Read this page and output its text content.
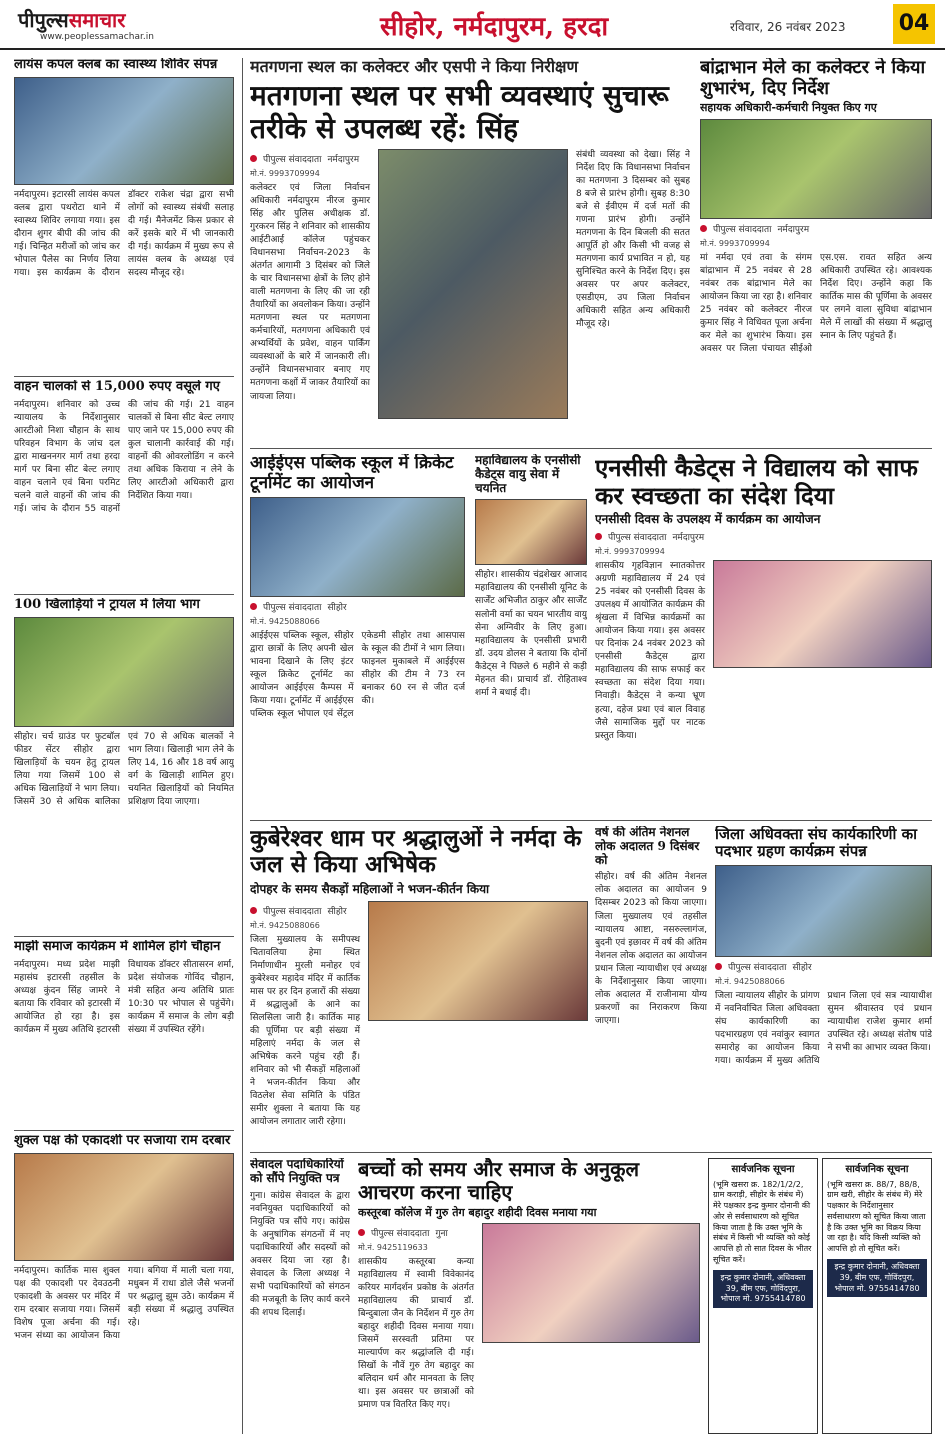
पीपुल्ससमाचार
www.peoplessamachar.in	सीहोर, नर्मदापुरम, हरदा	रविवार, 26 नवंबर 2023 04
लायंस कपल क्लब का स्वास्थ्य शिविर संपन्न
नर्मदापुरम। इटारसी लायंस कपल क्लब द्वारा पथरोटा थाने में स्वास्थ्य शिविर लगाया गया। इस दौरान शुगर बीपी की जांच की गई। चिन्हित मरीजों को जांच कर भोपाल पैलेस का निर्णय लिया गया। इस कार्यक्रम के दौरान डॉक्टर राकेश चंद्रा द्वारा सभी लोगों को स्वास्थ्य संबंधी सलाह दी गई। मैनेजमेंट किस प्रकार से करें इसके बारे में भी जानकारी दी गई। कार्यक्रम में मुख्य रूप से लायंस क्लब के अध्यक्ष एवं सदस्य मौजूद रहे।
वाहन चालकों से 15,000 रुपए वसूले गए
नर्मदापुरम। शनिवार को उच्च न्यायालय के निर्देशानुसार आरटीओ निशा चौहान के साथ परिवहन विभाग के जांच दल द्वारा माखननगर मार्ग तथा हरदा मार्ग पर बिना सीट बेल्ट लगाए वाहन चलाने एवं बिना परमिट चलने वाले वाहनों की जांच की गई। जांच के दौरान 55 वाहनों की जांच की गई। 21 वाहन चालकों से बिना सीट बेल्ट लगाए पाए जाने पर 15,000 रुपए की कुल चालानी कार्रवाई की गई। वाहनों की ओवरलोडिंग न करने तथा अधिक किराया न लेने के लिए आरटीओ अधिकारी द्वारा निर्देशित किया गया।
100 खिलाड़ियों ने ट्रायल में लिया भाग
सीहोर। चर्च ग्राउंड पर फुटबॉल फीडर सेंटर सीहोर द्वारा खिलाड़ियों के चयन हेतु ट्रायल लिया गया जिसमें 100 से अधिक खिलाड़ियों ने भाग लिया। जिसमें 30 से अधिक बालिका एवं 70 से अधिक बालकों ने भाग लिया। खिलाड़ी भाग लेने के लिए 14, 16 और 18 वर्ष आयु वर्ग के खिलाड़ी शामिल हुए। चयनित खिलाड़ियों को नियमित प्रशिक्षण दिया जाएगा।
माझी समाज कार्यक्रम में शामिल होंगे चौहान
नर्मदापुरम। मध्य प्रदेश माझी महासंघ इटारसी तहसील के अध्यक्ष कुंदन सिंह जामरे ने बताया कि रविवार को इटारसी में आयोजित हो रहा है। इस कार्यक्रम में मुख्य अतिथि इटारसी विधायक डॉक्टर सीतासरन शर्मा, प्रदेश संयोजक गोविंद चौहान, मंत्री सहित अन्य अतिथि प्रातः 10:30 पर भोपाल से पहुंचेंगे। कार्यक्रम में समाज के लोग बड़ी संख्या में उपस्थित रहेंगे।
शुक्ल पक्ष की एकादशी पर सजाया राम दरबार
नर्मदापुरम। कार्तिक मास शुक्ल पक्ष की एकादशी पर देवउठनी एकादशी के अवसर पर मंदिर में राम दरबार सजाया गया। जिसमें विशेष पूजा अर्चना की गई। भजन संध्या का आयोजन किया गया। बगिया में माली चला गया, मधुबन में राधा डोले जैसे भजनों पर श्रद्धालु झूम उठे। कार्यक्रम में बड़ी संख्या में श्रद्धालु उपस्थित रहे।
मतगणना स्थल का कलेक्टर और एसपी ने किया निरीक्षण
मतगणना स्थल पर सभी व्यवस्थाएं सुचारू तरीके से उपलब्ध रहें: सिंह
पीपुल्स संवाददाता नर्मदापुरम
मो.नं. 9993709994
कलेक्टर एवं जिला निर्वाचन अधिकारी नर्मदापुरम नीरज कुमार सिंह और पुलिस अधीक्षक डॉ. गुरकरन सिंह ने शनिवार को शासकीय आईटीआई कॉलेज पहुंचकर विधानसभा निर्वाचन-2023 के अंतर्गत आगामी 3 दिसंबर को जिले के चार विधानसभा क्षेत्रों के लिए होने वाली मतगणना के लिए की जा रही तैयारियों का अवलोकन किया। उन्होंने मतगणना स्थल पर मतगणना कर्मचारियों, मतगणना अधिकारी एवं अभ्यर्थियों के प्रवेश, वाहन पार्किंग व्यवस्थाओं के बारे में जानकारी ली। उन्होंने विधानसभावार बनाए गए मतगणना कक्षों में जाकर तैयारियों का जायजा लिया।
संबंधी व्यवस्था को देखा। सिंह ने निर्देश दिए कि विधानसभा निर्वाचन का मतगणना 3 दिसम्बर को सुबह 8 बजे से प्रारंभ होगी। सुबह 8:30 बजे से ईवीएम में दर्ज मतों की गणना प्रारंभ होगी। उन्होंने मतगणना के दिन बिजली की सतत आपूर्ति हो और किसी भी वजह से मतगणना कार्य प्रभावित न हो, यह सुनिश्चित करने के निर्देश दिए। इस अवसर पर अपर कलेक्टर, एसडीएम, उप जिला निर्वाचन अधिकारी सहित अन्य अधिकारी मौजूद रहे।
बांद्राभान मेले का कलेक्टर ने किया शुभारंभ, दिए निर्देश
सहायक अधिकारी-कर्मचारी नियुक्त किए गए
पीपुल्स संवाददाता नर्मदापुरम
मो.नं. 9993709994
मां नर्मदा एवं तवा के संगम बांद्राभान में 25 नवंबर से 28 नवंबर तक बांद्राभान मेले का आयोजन किया जा रहा है। शनिवार 25 नवंबर को कलेक्टर नीरज कुमार सिंह ने विधिवत पूजा अर्चना कर मेले का शुभारंभ किया। इस अवसर पर जिला पंचायत सीईओ एस.एस. रावत सहित अन्य अधिकारी उपस्थित रहे। आवश्यक निर्देश दिए। उन्होंने कहा कि कार्तिक मास की पूर्णिमा के अवसर पर लगने वाला सुविधा बांद्राभान मेले में लाखों की संख्या में श्रद्धालु स्नान के लिए पहुंचते हैं।
आईईएस पब्लिक स्कूल में क्रिकेट टूर्नामेंट का आयोजन
पीपुल्स संवाददाता सीहोर
मो.नं. 9425088066
आईईएस पब्लिक स्कूल, सीहोर द्वारा छात्रों के लिए अपनी खेल भावना दिखाने के लिए इंटर स्कूल क्रिकेट टूर्नामेंट का आयोजन आईईएस कैम्पस में किया गया। टूर्नामेंट में आईईएस पब्लिक स्कूल भोपाल एवं सेंट्रल एकेडमी सीहोर तथा आसपास के स्कूल की टीमों ने भाग लिया। फाइनल मुकाबले में आईईएस सीहोर की टीम ने 73 रन बनाकर 60 रन से जीत दर्ज की।
महाविद्यालय के एनसीसी कैडेट्स वायु सेवा में चयनित
सीहोर। शासकीय चंद्रशेखर आजाद महाविद्यालय की एनसीसी यूनिट के सार्जेंट अभिजीत ठाकुर और सार्जेंट सलोनी वर्मा का चयन भारतीय वायु सेना अग्निवीर के लिए हुआ। महाविद्यालय के एनसीसी प्रभारी डॉ. उदय डोलस ने बताया कि दोनों कैडेट्स ने पिछले 6 महीने से कड़ी मेहनत की। प्राचार्य डॉ. रोहिताश्व शर्मा ने बधाई दी।
एनसीसी कैडेट्स ने विद्यालय को साफ कर स्वच्छता का संदेश दिया
एनसीसी दिवस के उपलक्ष्य में कार्यक्रम का आयोजन
पीपुल्स संवाददाता नर्मदापुरम
मो.नं. 9993709994
शासकीय गृहविज्ञान स्नातकोत्तर अग्रणी महाविद्यालय में 24 एवं 25 नवंबर को एनसीसी दिवस के उपलक्ष्य में आयोजित कार्यक्रम की श्रृंखला में विभिन्न कार्यक्रमों का आयोजन किया गया। इस अवसर पर दिनांक 24 नवंबर 2023 को एनसीसी कैडेट्स द्वारा महाविद्यालय की साफ सफाई कर स्वच्छता का संदेश दिया गया। निवाड़ी। कैडेट्स ने कन्या भ्रूण हत्या, दहेज प्रथा एवं बाल विवाह जैसे सामाजिक मुद्दों पर नाटक प्रस्तुत किया।
कुबेरेश्वर धाम पर श्रद्धालुओं ने नर्मदा के जल से किया अभिषेक
दोपहर के समय सैकड़ों महिलाओं ने भजन-कीर्तन किया
पीपुल्स संवाददाता सीहोर
मो.नं. 9425088066
जिला मुख्यालय के समीपस्थ चितावलिया हेमा स्थित निर्माणाधीन मुरली मनोहर एवं कुबेरेश्वर महादेव मंदिर में कार्तिक मास पर हर दिन हजारों की संख्या में श्रद्धालुओं के आने का सिलसिला जारी है। कार्तिक माह की पूर्णिमा पर बड़ी संख्या में महिलाएं नर्मदा के जल से अभिषेक करने पहुंच रही हैं। शनिवार को भी सैकड़ों महिलाओं ने भजन-कीर्तन किया और विठलेश सेवा समिति के पंडित समीर शुक्ला ने बताया कि यह आयोजन लगातार जारी रहेगा।
वर्ष की अंतिम नेशनल लोक अदालत 9 दिसंबर को
सीहोर। वर्ष की अंतिम नेशनल लोक अदालत का आयोजन 9 दिसम्बर 2023 को किया जाएगा। जिला मुख्यालय एवं तहसील न्यायालय आष्टा, नसरुल्लागंज, बुदनी एवं इछावर में वर्ष की अंतिम नेशनल लोक अदालत का आयोजन प्रधान जिला न्यायाधीश एवं अध्यक्ष के निर्देशानुसार किया जाएगा। लोक अदालत में राजीनामा योग्य प्रकरणों का निराकरण किया जाएगा।
जिला अधिवक्ता संघ कार्यकारिणी का पदभार ग्रहण कार्यक्रम संपन्न
पीपुल्स संवाददाता सीहोर
मो.नं. 9425088066
जिला न्यायालय सीहोर के प्रांगण में नवनिर्वाचित जिला अधिवक्ता संघ कार्यकारिणी का पदभारग्रहण एवं नवांकुर स्वागत समारोह का आयोजन किया गया। कार्यक्रम में मुख्य अतिथि प्रधान जिला एवं सत्र न्यायाधीश सुमन श्रीवास्तव एवं प्रधान न्यायाधीश राजेश कुमार शर्मा उपस्थित रहे। अध्यक्ष संतोष पांडे ने सभी का आभार व्यक्त किया।
सेवादल पदाधिकारियों को सौंपे नियुक्ति पत्र
गुना। कांग्रेस सेवादल के द्वारा नवनियुक्त पदाधिकारियों को नियुक्ति पत्र सौंपे गए। कांग्रेस के अनुषांगिक संगठनों में नए पदाधिकारियों और सदस्यों को अवसर दिया जा रहा है। सेवादल के जिला अध्यक्ष ने सभी पदाधिकारियों को संगठन की मजबूती के लिए कार्य करने की शपथ दिलाई।
बच्चों को समय और समाज के अनुकूल आचरण करना चाहिए
कस्तूरबा कॉलेज में गुरु तेग बहादुर शहीदी दिवस मनाया गया
पीपुल्स संवाददाता गुना
मो.नं. 9425119633
शासकीय कस्तूरबा कन्या महाविद्यालय में स्वामी विवेकानंद करियर मार्गदर्शन प्रकोष्ठ के अंतर्गत महाविद्यालय की प्राचार्य डॉ. बिन्दुबाला जैन के निर्देशन में गुरु तेग बहादुर शहीदी दिवस मनाया गया। जिसमें सरस्वती प्रतिमा पर माल्यार्पण कर श्रद्धांजलि दी गई। सिखों के नौवें गुरु तेग बहादुर का बलिदान धर्म और मानवता के लिए था। इस अवसर पर छात्राओं को प्रमाण पत्र वितरित किए गए।
सार्वजनिक सूचना
(भूमि खसरा क्र. 182/1/2/2, ग्राम कराड़ी, सीहोर के संबंध में) मेरे पक्षकार इन्द्र कुमार दोनानी की ओर से सर्वसाधारण को सूचित किया जाता है कि उक्त भूमि के संबंध में किसी भी व्यक्ति को कोई आपत्ति हो तो सात दिवस के भीतर सूचित करें।
इन्द्र कुमार दोनानी, अधिवक्ता 39, बीम एफ, गोविंदपुरा, भोपाल मो. 9755414780
सार्वजनिक सूचना
(भूमि खसरा क्र. 88/7, 88/8, ग्राम खरी, सीहोर के संबंध में) मेरे पक्षकार के निर्देशानुसार सर्वसाधारण को सूचित किया जाता है कि उक्त भूमि का विक्रय किया जा रहा है। यदि किसी व्यक्ति को आपत्ति हो तो सूचित करें।
इन्द्र कुमार दोनानी, अधिवक्ता 39, बीम एफ, गोविंदपुरा, भोपाल मो. 9755414780
